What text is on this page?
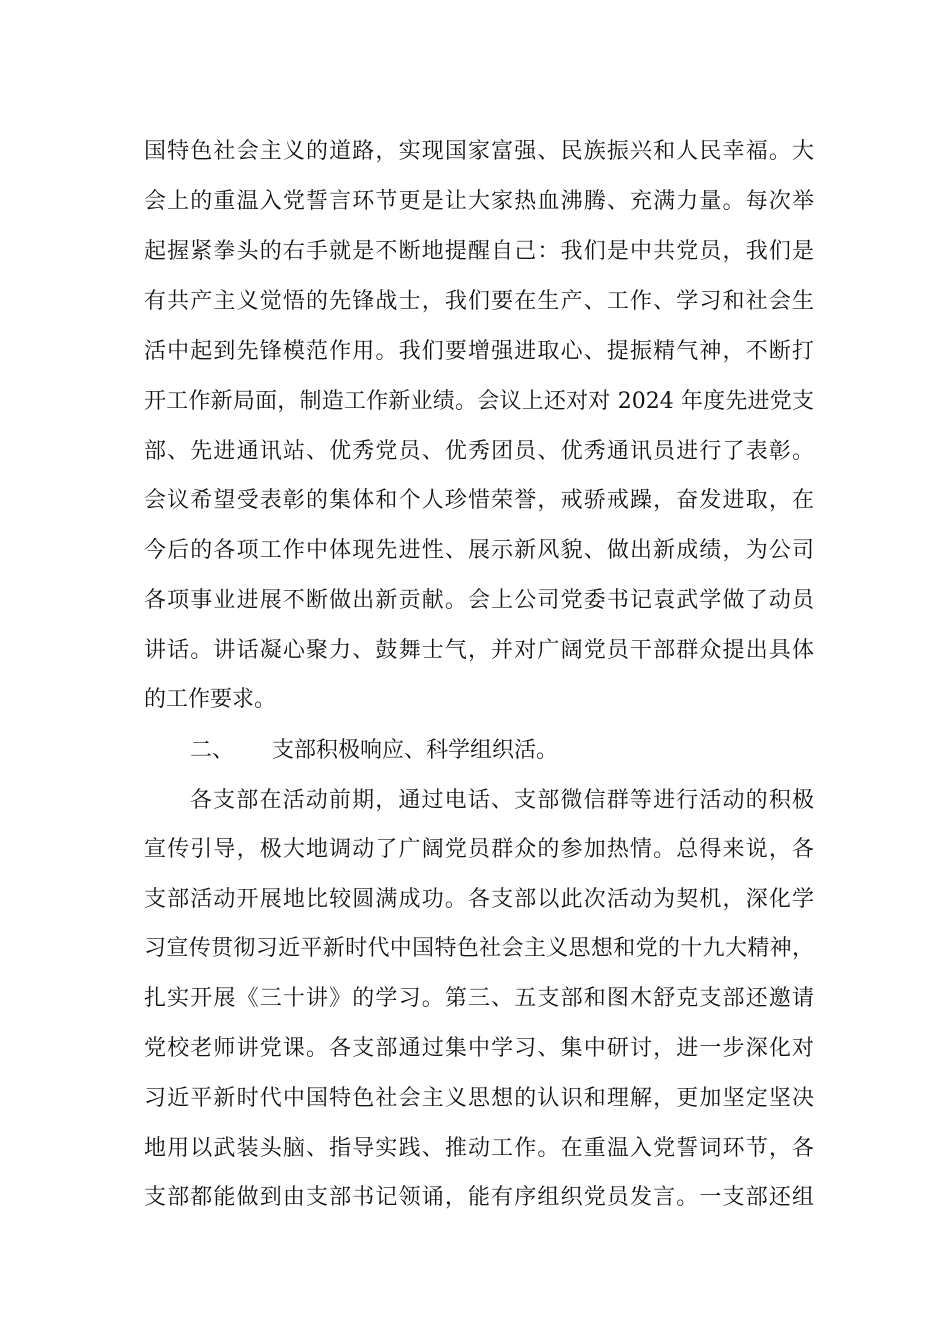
国特色社会主义的道路，实现国家富强、民族振兴和人民幸福。大
会上的重温入党誓言环节更是让大家热血沸腾、充满力量。每次举
起握紧拳头的右手就是不断地提醒自己：我们是中共党员，我们是
有共产主义觉悟的先锋战士，我们要在生产、工作、学习和社会生
活中起到先锋模范作用。我们要增强进取心、提振精气神，不断打
开工作新局面，制造工作新业绩。会议上还对对 2024 年度先进党支
部、先进通讯站、优秀党员、优秀团员、优秀通讯员进行了表彰。
会议希望受表彰的集体和个人珍惜荣誉，戒骄戒躁，奋发进取，在
今后的各项工作中体现先进性、展示新风貌、做出新成绩，为公司
各项事业进展不断做出新贡献。会上公司党委书记袁武学做了动员
讲话。讲话凝心聚力、鼓舞士气，并对广阔党员干部群众提出具体
的工作要求。
二、 支部积极响应、科学组织活。
各支部在活动前期，通过电话、支部微信群等进行活动的积极
宣传引导，极大地调动了广阔党员群众的参加热情。总得来说，各
支部活动开展地比较圆满成功。各支部以此次活动为契机，深化学
习宣传贯彻习近平新时代中国特色社会主义思想和党的十九大精神，
扎实开展《三十讲》的学习。第三、五支部和图木舒克支部还邀请
党校老师讲党课。各支部通过集中学习、集中研讨，进一步深化对
习近平新时代中国特色社会主义思想的认识和理解，更加坚定坚决
地用以武装头脑、指导实践、推动工作。在重温入党誓词环节，各
支部都能做到由支部书记领诵，能有序组织党员发言。一支部还组
